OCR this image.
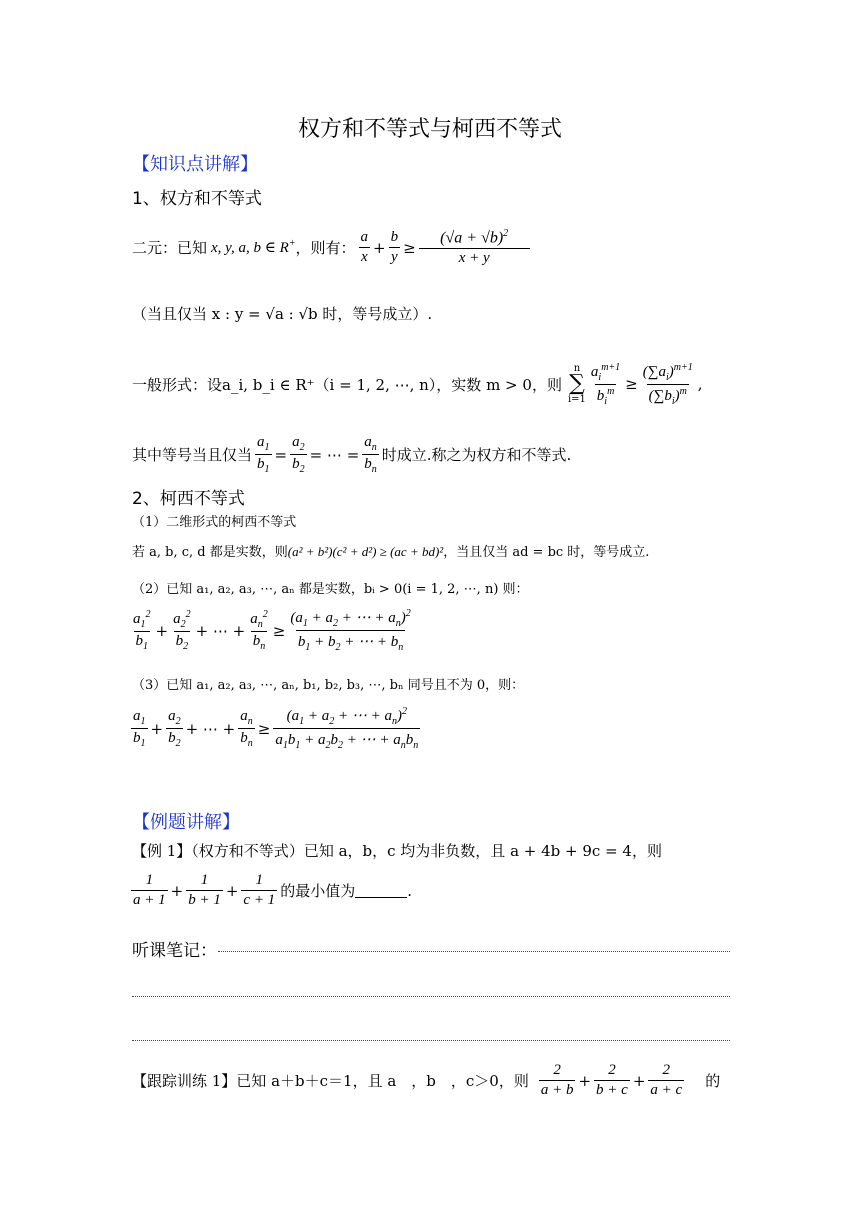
权方和不等式与柯西不等式
【知识点讲解】
1、权方和不等式
二元：已知 x, y, a, b ∈ R+ ，则有： $\frac{a}{x} + \frac{b}{y} \ge \frac{(√a + √b)^2}{x + y}$
（当且仅当 x : y = √a : √b 时，等号成立）.
一般形式：设 a_i, b_i ∈ R⁺（i = 1, 2, ⋯, n），实数 m > 0，则
n
∑
$i=1 \frac{a_i^{m+1}}{b_i^m} \ge \frac{(\sum a_i)^{m+1}}{(\sum b_i)^m}$ ,
其中等号当且仅当 $\frac{a_1}{b_1} = \frac{a_2}{b_2}$ = ⋯ = $\frac{a_n}{b_n}$ 时成立.称之为权方和不等式.
2、柯西不等式
（1）二维形式的柯西不等式
若 a, b, c, d 都是实数，则(a² + b²)(c² + d²) ≥ (ac + bd)²，当且仅当 ad = bc 时，等号成立.
（2）已知 a₁, a₂, a₃, ⋯, aₙ 都是实数，bᵢ > 0(i = 1, 2, ⋯, n) 则：
$\frac{a_1^2}{b_1} + \frac{a_2^2}{b_2}$ + ⋯ + $\frac{a_n^2}{b_n} \ge \frac{(a_1 + a_2 + \cdots + a_n)^2}{b_1 + b_2 + \cdots + b_n}$
（3）已知 a₁, a₂, a₃, ⋯, aₙ, b₁, b₂, b₃, ⋯, bₙ 同号且不为 0，则：
$\frac{a_1}{b_1} + \frac{a_2}{b_2}$ + ⋯ + $\frac{a_n}{b_n} \ge \frac{(a_1 + a_2 + \cdots + a_n)^2}{a_1b_1 + a_2b_2 + \cdots + a_nb_n}$
【例题讲解】
【例 1】（权方和不等式）已知 a，b，c 均为非负数，且 a + 4b + 9c = 4，则
$\frac{1}{a + 1} + \frac{1}{b + 1} + \frac{1}{c + 1}$ 的最小值为	.
听课笔记：
【跟踪训练 1】已知 a＋b＋c＝1，且 a　，b　，c＞0，则 $\frac{2}{a + b} + \frac{2}{b + c} + \frac{2}{a + c}$ 的
